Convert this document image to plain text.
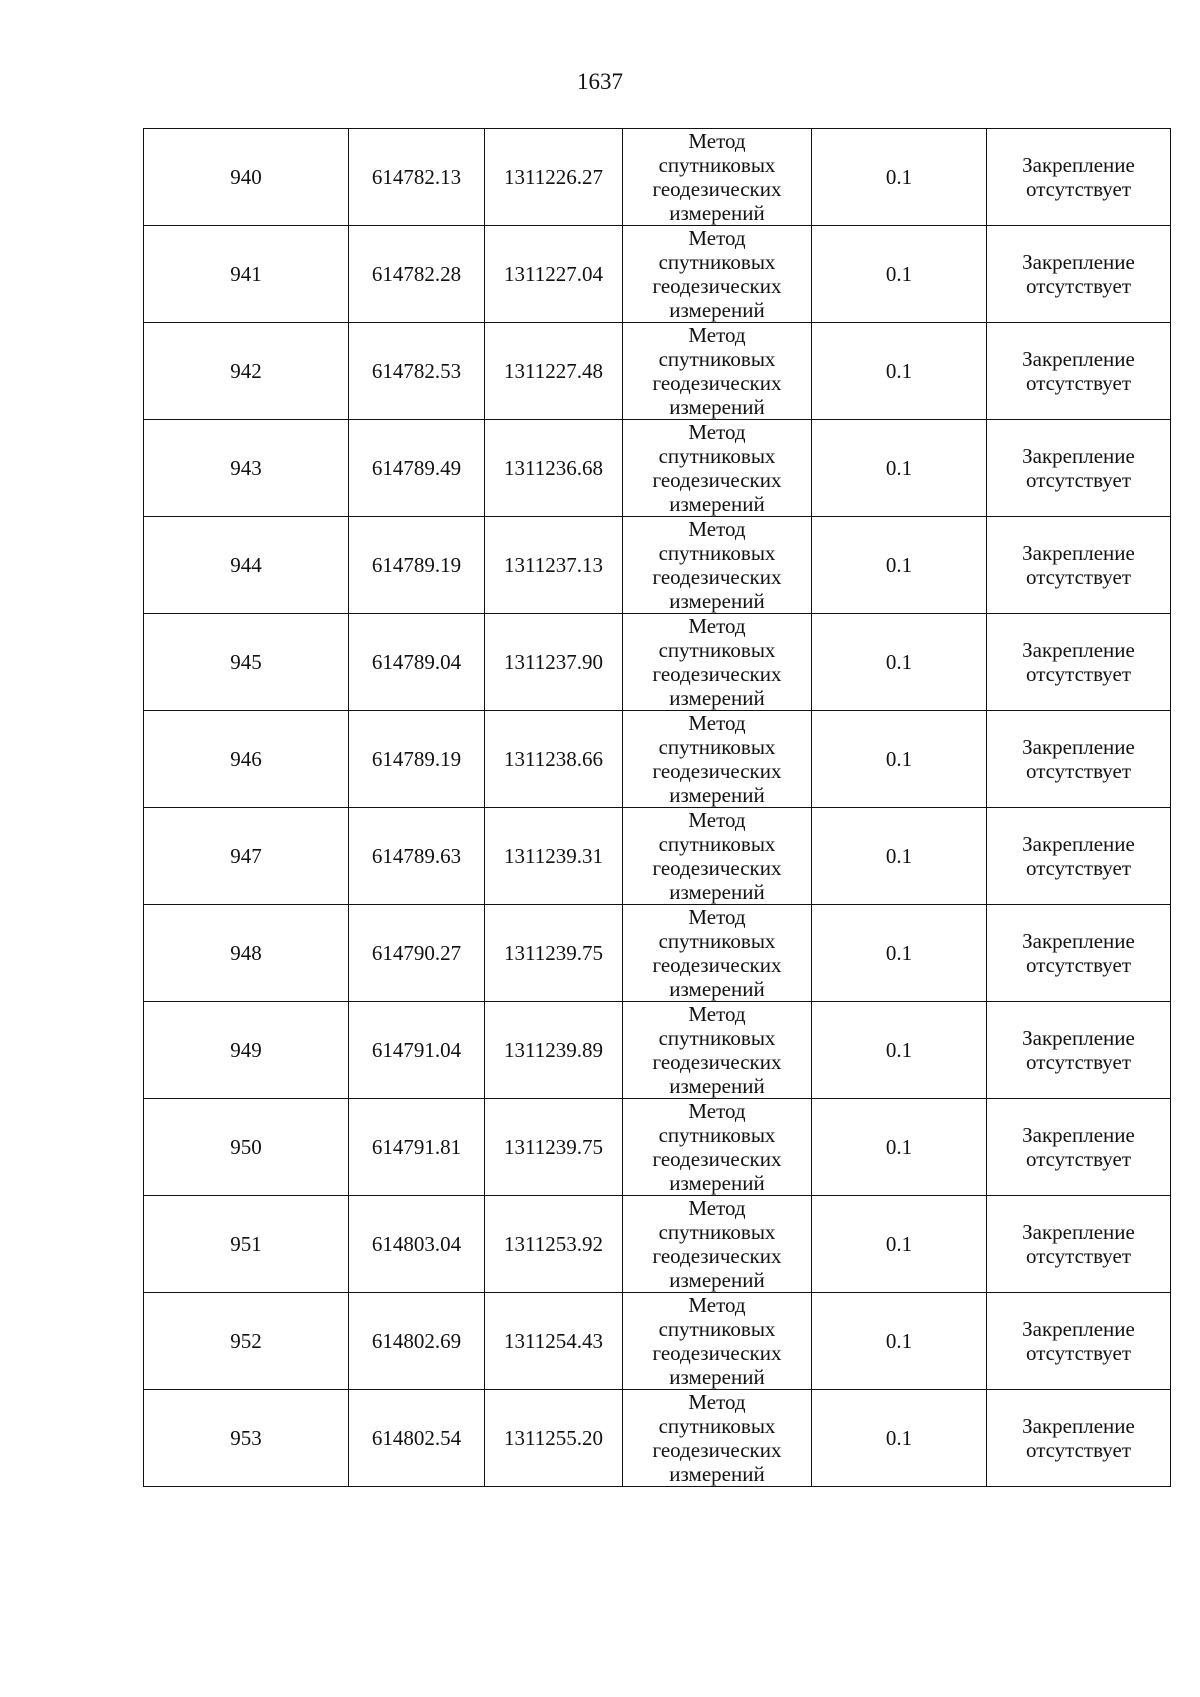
1637
940	614782.13	1311226.27	Метод
спутниковых
геодезических
измерений	0.1	Закрепление
отсутствует

941	614782.28	1311227.04	Метод
спутниковых
геодезических
измерений	0.1	Закрепление
отсутствует

942	614782.53	1311227.48	Метод
спутниковых
геодезических
измерений	0.1	Закрепление
отсутствует

943	614789.49	1311236.68	Метод
спутниковых
геодезических
измерений	0.1	Закрепление
отсутствует

944	614789.19	1311237.13	Метод
спутниковых
геодезических
измерений	0.1	Закрепление
отсутствует

945	614789.04	1311237.90	Метод
спутниковых
геодезических
измерений	0.1	Закрепление
отсутствует

946	614789.19	1311238.66	Метод
спутниковых
геодезических
измерений	0.1	Закрепление
отсутствует

947	614789.63	1311239.31	Метод
спутниковых
геодезических
измерений	0.1	Закрепление
отсутствует

948	614790.27	1311239.75	Метод
спутниковых
геодезических
измерений	0.1	Закрепление
отсутствует

949	614791.04	1311239.89	Метод
спутниковых
геодезических
измерений	0.1	Закрепление
отсутствует

950	614791.81	1311239.75	Метод
спутниковых
геодезических
измерений	0.1	Закрепление
отсутствует

951	614803.04	1311253.92	Метод
спутниковых
геодезических
измерений	0.1	Закрепление
отсутствует

952	614802.69	1311254.43	Метод
спутниковых
геодезических
измерений	0.1	Закрепление
отсутствует

953	614802.54	1311255.20	Метод
спутниковых
геодезических
измерений	0.1	Закрепление
отсутствует
